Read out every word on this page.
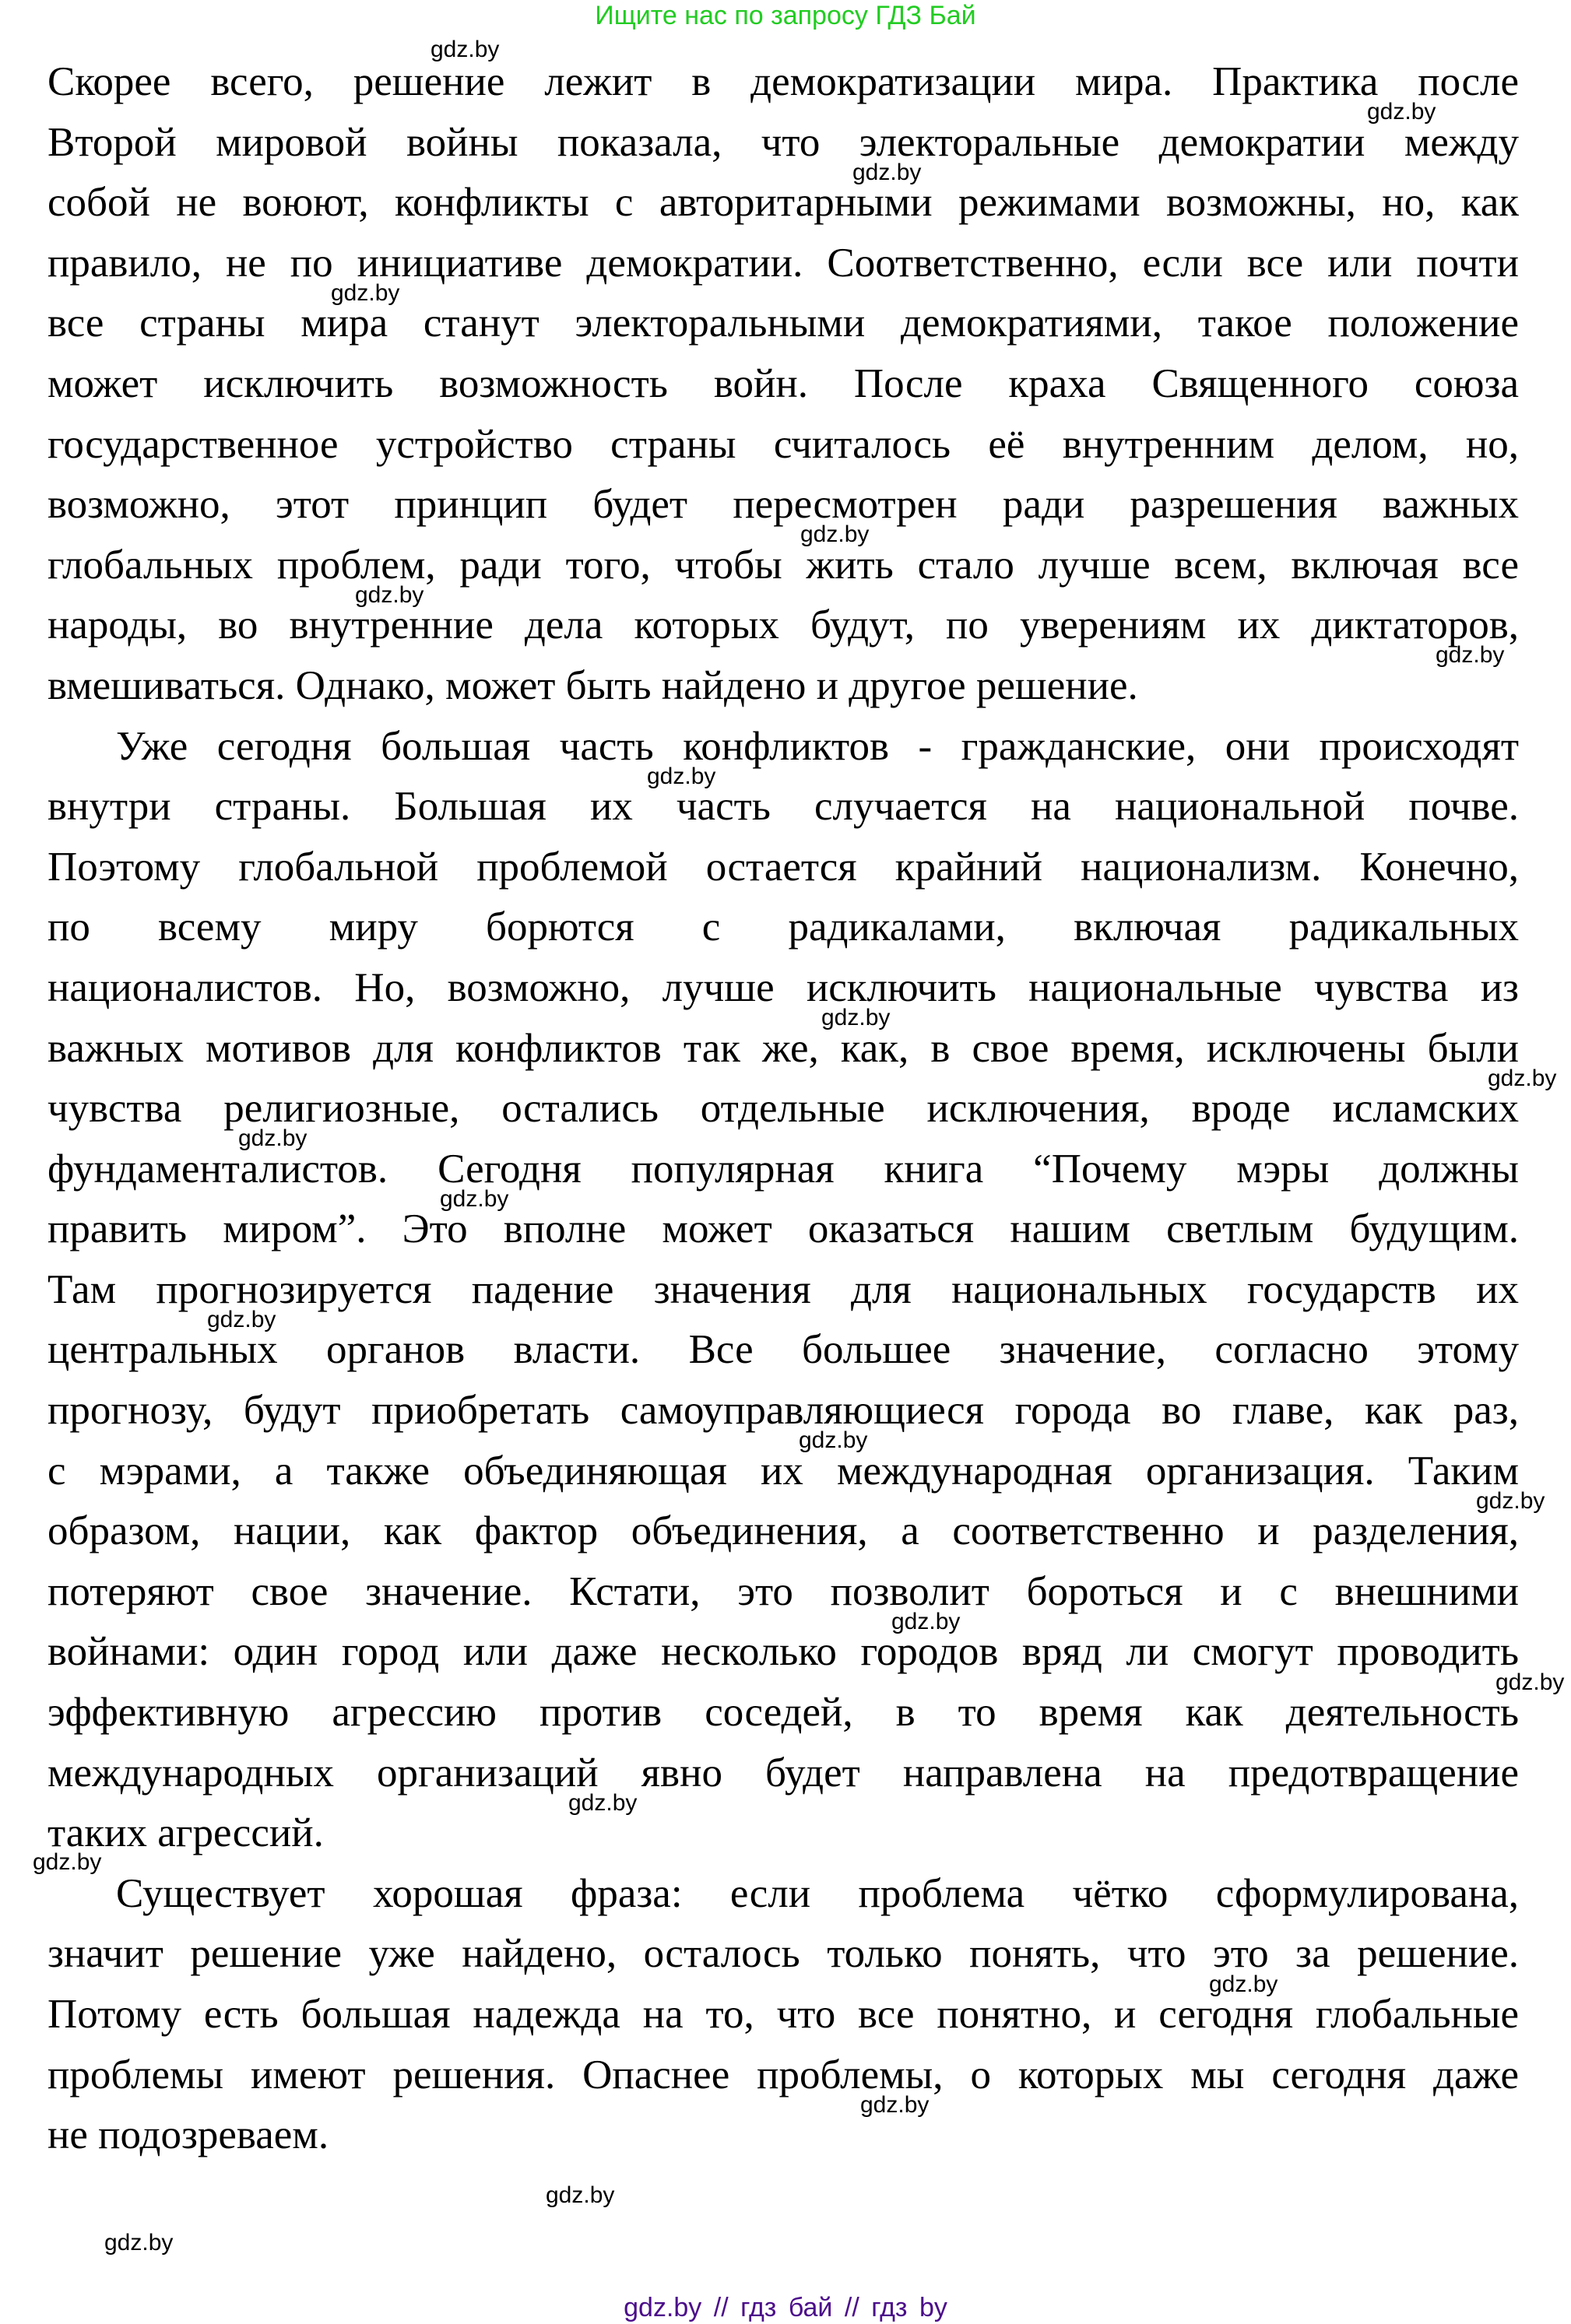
Ищите нас по запросу ГДЗ Бай
Скорее всего, решение лежит в демократизации мира. Практика после
Второй мировой войны показала, что электоральные демократии между
собой не воюют, конфликты с авторитарными режимами возможны, но, как
правило, не по инициативе демократии. Соответственно, если все или почти
все страны мира станут электоральными демократиями, такое положение
может исключить возможность войн. После краха Священного союза
государственное устройство страны считалось её внутренним делом, но,
возможно, этот принцип будет пересмотрен ради разрешения важных
глобальных проблем, ради того, чтобы жить стало лучше всем, включая все
народы, во внутренние дела которых будут, по уверениям их диктаторов,
вмешиваться. Однако, может быть найдено и другое решение.
Уже сегодня большая часть конфликтов - гражданские, они происходят
внутри страны. Большая их часть случается на национальной почве.
Поэтому глобальной проблемой остается крайний национализм. Конечно,
по всему миру борются с радикалами, включая радикальных
националистов. Но, возможно, лучше исключить национальные чувства из
важных мотивов для конфликтов так же, как, в свое время, исключены были
чувства религиозные, остались отдельные исключения, вроде исламских
фундаменталистов. Сегодня популярная книга “Почему мэры должны
править миром”. Это вполне может оказаться нашим светлым будущим.
Там прогнозируется падение значения для национальных государств их
центральных органов власти. Все большее значение, согласно этому
прогнозу, будут приобретать самоуправляющиеся города во главе, как раз,
с мэрами, а также объединяющая их международная организация. Таким
образом, нации, как фактор объединения, а соответственно и разделения,
потеряют свое значение. Кстати, это позволит бороться и с внешними
войнами: один город или даже несколько городов вряд ли смогут проводить
эффективную агрессию против соседей, в то время как деятельность
международных организаций явно будет направлена на предотвращение
таких агрессий.
Существует хорошая фраза: если проблема чётко сформулирована,
значит решение уже найдено, осталось только понять, что это за решение.
Потому есть большая надежда на то, что все понятно, и сегодня глобальные
проблемы имеют решения. Опаснее проблемы, о которых мы сегодня даже
не подозреваем.
gdz.by
gdz.by
gdz.by
gdz.by
gdz.by
gdz.by
gdz.by
gdz.by
gdz.by
gdz.by
gdz.by
gdz.by
gdz.by
gdz.by
gdz.by
gdz.by
gdz.by
gdz.by
gdz.by
gdz.by
gdz.by
gdz.by
gdz.by
gdz.by // гдз бай // гдз by
